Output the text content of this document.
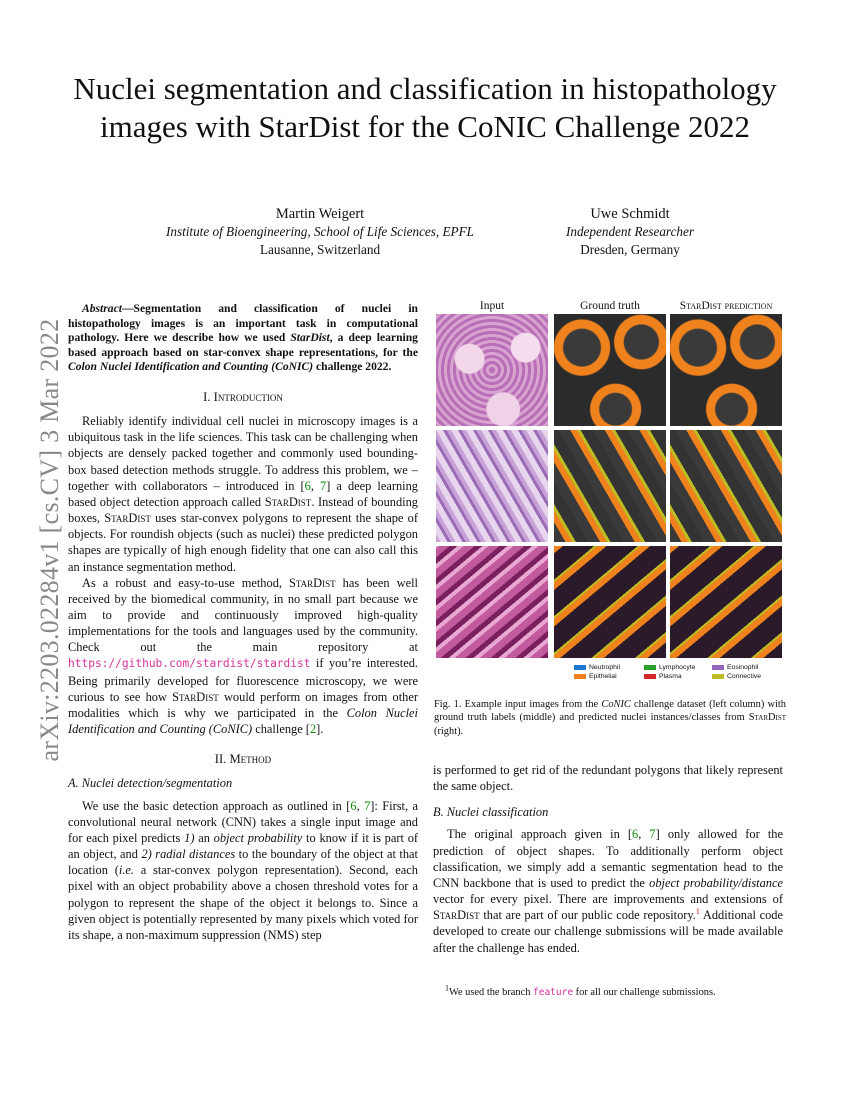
arXiv:2203.02284v1 [cs.CV] 3 Mar 2022
Nuclei segmentation and classification in histopathology images with StarDist for the CoNIC Challenge 2022
Martin Weigert
Institute of Bioengineering, School of Life Sciences, EPFL
Lausanne, Switzerland
Uwe Schmidt
Independent Researcher
Dresden, Germany

Abstract—Segmentation and classification of nuclei in histopathology images is an important task in computational pathology. Here we describe how we used StarDist, a deep learning based approach based on star-convex shape representations, for the Colon Nuclei Identification and Counting (CoNIC) challenge 2022.

I. Introduction

Reliably identify individual cell nuclei in microscopy images is a ubiquitous task in the life sciences. This task can be challenging when objects are densely packed together and commonly used bounding-box based detection methods struggle. To address this problem, we – together with collaborators – introduced in [6, 7] a deep learning based object detection approach called StarDist. Instead of bounding boxes, StarDist uses star-convex polygons to represent the shape of objects. For roundish objects (such as nuclei) these predicted polygon shapes are typically of high enough fidelity that one can also call this an instance segmentation method.

As a robust and easy-to-use method, StarDist has been well received by the biomedical community, in no small part because we aim to provide and continuously improved high-quality implementations for the tools and languages used by the community. Check out the main repository at https://github.com/stardist/stardist if you’re interested. Being primarily developed for fluorescence microscopy, we were curious to see how StarDist would perform on images from other modalities which is why we participated in the Colon Nuclei Identification and Counting (CoNIC) challenge [2].

II. Method
A. Nuclei detection/segmentation

We use the basic detection approach as outlined in [6, 7]: First, a convolutional neural network (CNN) takes a single input image and for each pixel predicts 1) an object probability to know if it is part of an object, and 2) radial distances to the boundary of the object at that location (i.e. a star-convex polygon representation). Second, each pixel with an object probability above a chosen threshold votes for a polygon to represent the shape of the object it belongs to. Since a given object is potentially represented by many pixels which voted for its shape, a non-maximum suppression (NMS) step

Input	Ground truth	StarDist prediction
Neutrophil
Epithelial
Lymphocyte
Plasma
Eosinophil
Connective
Fig. 1. Example input images from the CoNIC challenge dataset (left column) with ground truth labels (middle) and predicted nuclei instances/classes from StarDist (right).

is performed to get rid of the redundant polygons that likely represent the same object.

B. Nuclei classification

The original approach given in [6, 7] only allowed for the prediction of object shapes. To additionally perform object classification, we simply add a semantic segmentation head to the CNN backbone that is used to predict the object probability/distance vector for every pixel. There are improvements and extensions of StarDist that are part of our public code repository.$^1$ Additional code developed to create our challenge submissions will be made available after the challenge has ended.

$^1$We used the branch feature for all our challenge submissions.
